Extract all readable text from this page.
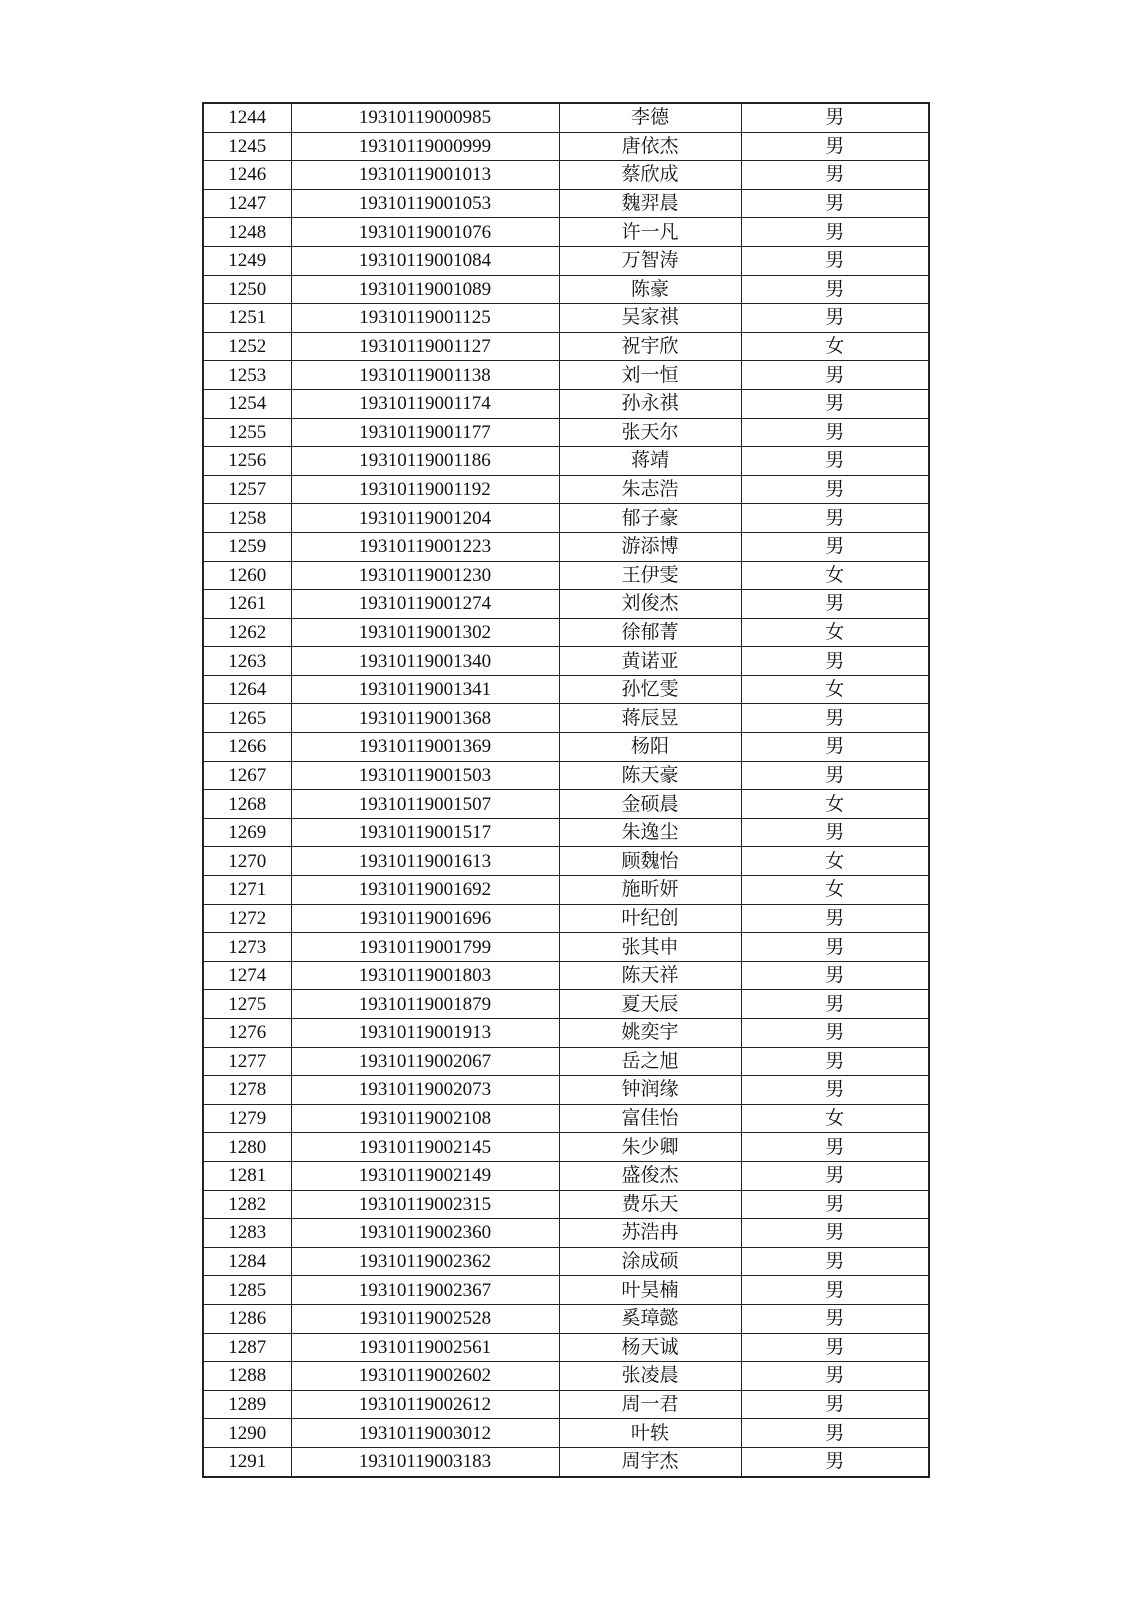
1244	19310119000985	李德	男
1245	19310119000999	唐依杰	男
1246	19310119001013	蔡欣成	男
1247	19310119001053	魏羿晨	男
1248	19310119001076	许一凡	男
1249	19310119001084	万智涛	男
1250	19310119001089	陈豪	男
1251	19310119001125	吴家祺	男
1252	19310119001127	祝宇欣	女
1253	19310119001138	刘一恒	男
1254	19310119001174	孙永祺	男
1255	19310119001177	张天尔	男
1256	19310119001186	蒋靖	男
1257	19310119001192	朱志浩	男
1258	19310119001204	郁子豪	男
1259	19310119001223	游添博	男
1260	19310119001230	王伊雯	女
1261	19310119001274	刘俊杰	男
1262	19310119001302	徐郁菁	女
1263	19310119001340	黄诺亚	男
1264	19310119001341	孙忆雯	女
1265	19310119001368	蒋辰昱	男
1266	19310119001369	杨阳	男
1267	19310119001503	陈天豪	男
1268	19310119001507	金硕晨	女
1269	19310119001517	朱逸尘	男
1270	19310119001613	顾魏怡	女
1271	19310119001692	施昕妍	女
1272	19310119001696	叶纪创	男
1273	19310119001799	张其申	男
1274	19310119001803	陈天祥	男
1275	19310119001879	夏天辰	男
1276	19310119001913	姚奕宇	男
1277	19310119002067	岳之旭	男
1278	19310119002073	钟润缘	男
1279	19310119002108	富佳怡	女
1280	19310119002145	朱少卿	男
1281	19310119002149	盛俊杰	男
1282	19310119002315	费乐天	男
1283	19310119002360	苏浩冉	男
1284	19310119002362	涂成硕	男
1285	19310119002367	叶昊楠	男
1286	19310119002528	奚璋懿	男
1287	19310119002561	杨天诚	男
1288	19310119002602	张凌晨	男
1289	19310119002612	周一君	男
1290	19310119003012	叶轶	男
1291	19310119003183	周宇杰	男
